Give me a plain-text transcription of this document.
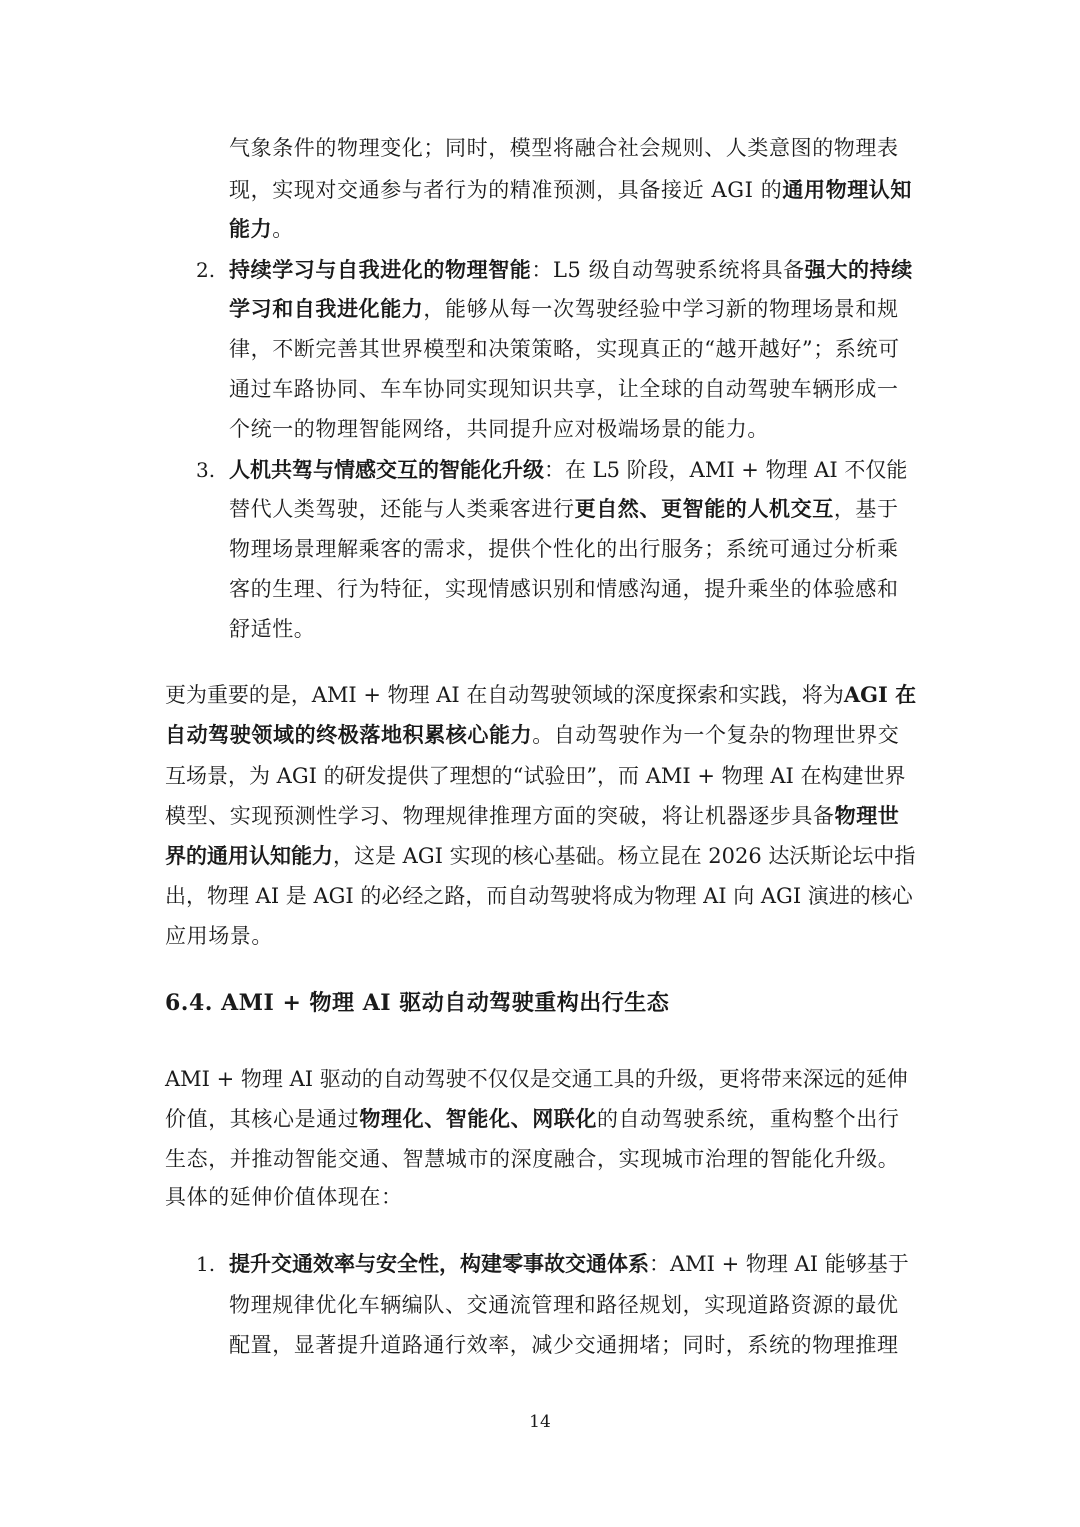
气象条件的物理变化；同时，模型将融合社会规则、人类意图的物理表
现，实现对交通参与者行为的精准预测，具备接近 AGI 的通用物理认知
能力。
2. 持续学习与自我进化的物理智能：L5 级自动驾驶系统将具备强大的持续
学习和自我进化能力，能够从每一次驾驶经验中学习新的物理场景和规
律，不断完善其世界模型和决策策略，实现真正的“越开越好”；系统可
通过车路协同、车车协同实现知识共享，让全球的自动驾驶车辆形成一
个统一的物理智能网络，共同提升应对极端场景的能力。
3. 人机共驾与情感交互的智能化升级：在 L5 阶段，AMI + 物理 AI 不仅能
替代人类驾驶，还能与人类乘客进行更自然、更智能的人机交互，基于
物理场景理解乘客的需求，提供个性化的出行服务；系统可通过分析乘
客的生理、行为特征，实现情感识别和情感沟通，提升乘坐的体验感和
舒适性。
更为重要的是，AMI + 物理 AI 在自动驾驶领域的深度探索和实践，将为AGI 在
自动驾驶领域的终极落地积累核心能力。自动驾驶作为一个复杂的物理世界交
互场景，为 AGI 的研发提供了理想的“试验田”，而 AMI + 物理 AI 在构建世界
模型、实现预测性学习、物理规律推理方面的突破，将让机器逐步具备物理世
界的通用认知能力，这是 AGI 实现的核心基础。杨立昆在 2026 达沃斯论坛中指
出，物理 AI 是 AGI 的必经之路，而自动驾驶将成为物理 AI 向 AGI 演进的核心
应用场景。
6.4. AMI + 物理 AI 驱动自动驾驶重构出行生态
AMI + 物理 AI 驱动的自动驾驶不仅仅是交通工具的升级，更将带来深远的延伸
价值，其核心是通过物理化、智能化、网联化的自动驾驶系统，重构整个出行
生态，并推动智能交通、智慧城市的深度融合，实现城市治理的智能化升级。
具体的延伸价值体现在：
1. 提升交通效率与安全性，构建零事故交通体系：AMI + 物理 AI 能够基于
物理规律优化车辆编队、交通流管理和路径规划，实现道路资源的最优
配置，显著提升道路通行效率，减少交通拥堵；同时，系统的物理推理
14
